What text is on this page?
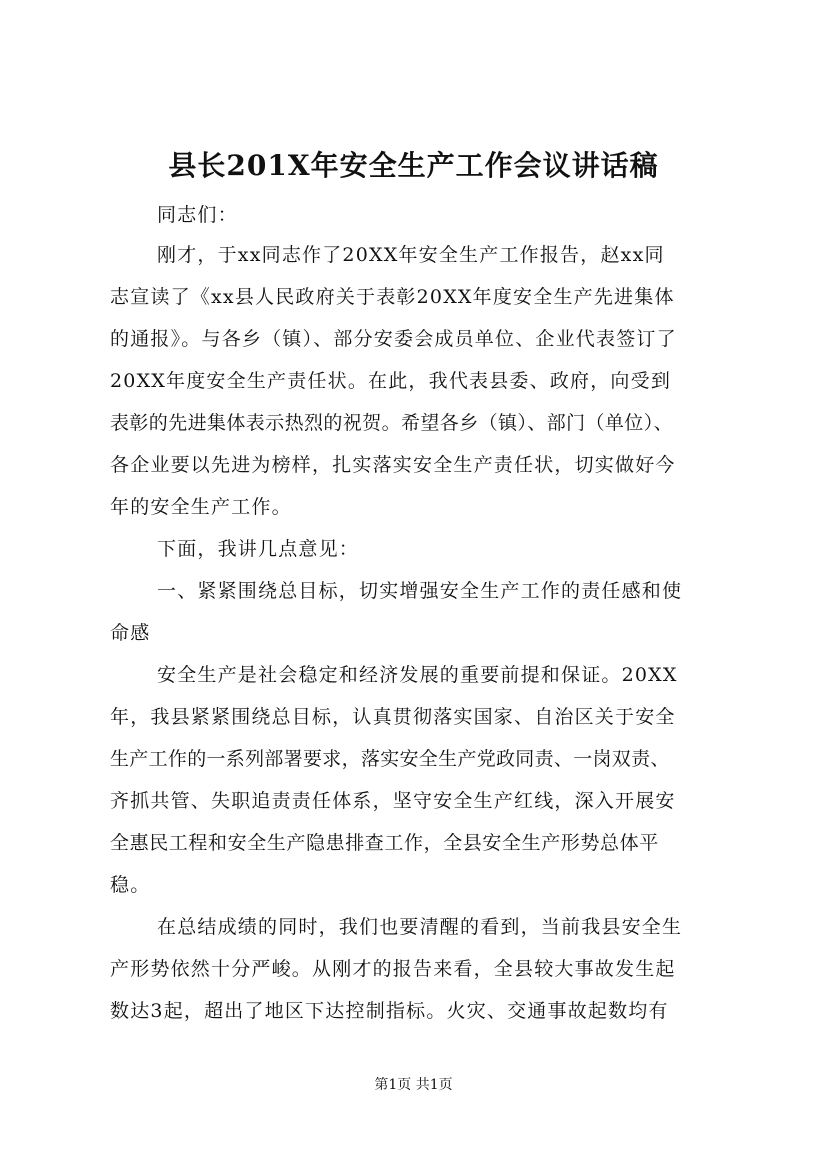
县长201X年安全生产工作会议讲话稿
同志们：
刚才，于xx同志作了20XX年安全生产工作报告，赵xx同
志宣读了《xx县人民政府关于表彰20XX年度安全生产先进集体
的通报》。与各乡（镇）、部分安委会成员单位、企业代表签订了
20XX年度安全生产责任状。在此，我代表县委、政府，向受到
表彰的先进集体表示热烈的祝贺。希望各乡（镇）、部门（单位）、
各企业要以先进为榜样，扎实落实安全生产责任状，切实做好今
年的安全生产工作。
下面，我讲几点意见：
一、紧紧围绕总目标，切实增强安全生产工作的责任感和使
命感
安全生产是社会稳定和经济发展的重要前提和保证。20XX
年，我县紧紧围绕总目标，认真贯彻落实国家、自治区关于安全
生产工作的一系列部署要求，落实安全生产党政同责、一岗双责、
齐抓共管、失职追责责任体系，坚守安全生产红线，深入开展安
全惠民工程和安全生产隐患排查工作，全县安全生产形势总体平
稳。
在总结成绩的同时，我们也要清醒的看到，当前我县安全生
产形势依然十分严峻。从刚才的报告来看，全县较大事故发生起
数达3起，超出了地区下达控制指标。火灾、交通事故起数均有
第1页 共1页
